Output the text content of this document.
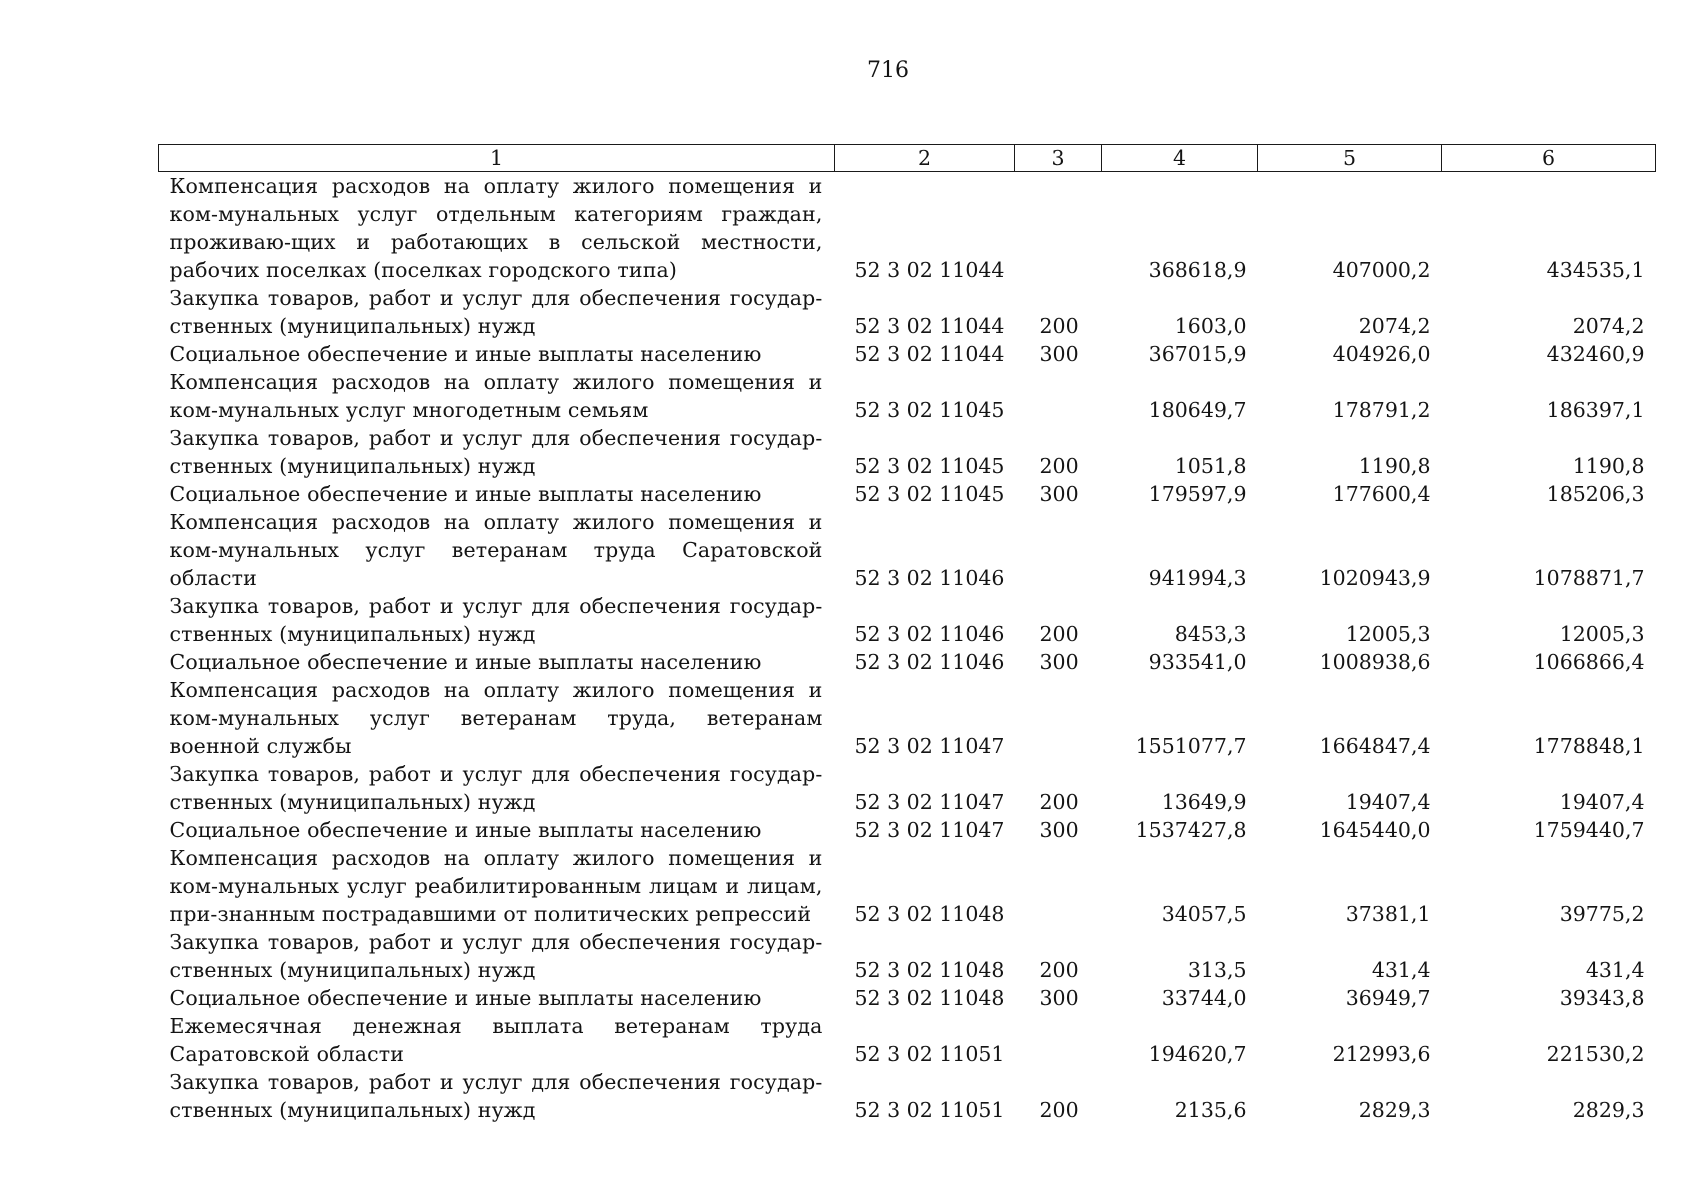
716
1	2	3	4	5	6
Компенсация расходов на оплату жилого помещения и ком-мунальных услуг отдельным категориям граждан, проживаю-щих и работающих в сельской местности, рабочих поселках (поселках городского типа)	52 3 02 11044		368618,9	407000,2	434535,1
Закупка товаров, работ и услуг для обеспечения государ-ственных (муниципальных) нужд	52 3 02 11044	200	1603,0	2074,2	2074,2
Социальное обеспечение и иные выплаты населению	52 3 02 11044	300	367015,9	404926,0	432460,9
Компенсация расходов на оплату жилого помещения и ком-мунальных услуг многодетным семьям	52 3 02 11045		180649,7	178791,2	186397,1
Закупка товаров, работ и услуг для обеспечения государ-ственных (муниципальных) нужд	52 3 02 11045	200	1051,8	1190,8	1190,8
Социальное обеспечение и иные выплаты населению	52 3 02 11045	300	179597,9	177600,4	185206,3
Компенсация расходов на оплату жилого помещения и ком-мунальных услуг ветеранам труда Саратовской области	52 3 02 11046		941994,3	1020943,9	1078871,7
Закупка товаров, работ и услуг для обеспечения государ-ственных (муниципальных) нужд	52 3 02 11046	200	8453,3	12005,3	12005,3
Социальное обеспечение и иные выплаты населению	52 3 02 11046	300	933541,0	1008938,6	1066866,4
Компенсация расходов на оплату жилого помещения и ком-мунальных услуг ветеранам труда, ветеранам военной службы	52 3 02 11047		1551077,7	1664847,4	1778848,1
Закупка товаров, работ и услуг для обеспечения государ-ственных (муниципальных) нужд	52 3 02 11047	200	13649,9	19407,4	19407,4
Социальное обеспечение и иные выплаты населению	52 3 02 11047	300	1537427,8	1645440,0	1759440,7
Компенсация расходов на оплату жилого помещения и ком-мунальных услуг реабилитированным лицам и лицам, при-знанным пострадавшими от политических репрессий	52 3 02 11048		34057,5	37381,1	39775,2
Закупка товаров, работ и услуг для обеспечения государ-ственных (муниципальных) нужд	52 3 02 11048	200	313,5	431,4	431,4
Социальное обеспечение и иные выплаты населению	52 3 02 11048	300	33744,0	36949,7	39343,8
Ежемесячная денежная выплата ветеранам труда Саратовской области	52 3 02 11051		194620,7	212993,6	221530,2
Закупка товаров, работ и услуг для обеспечения государ-ственных (муниципальных) нужд	52 3 02 11051	200	2135,6	2829,3	2829,3
